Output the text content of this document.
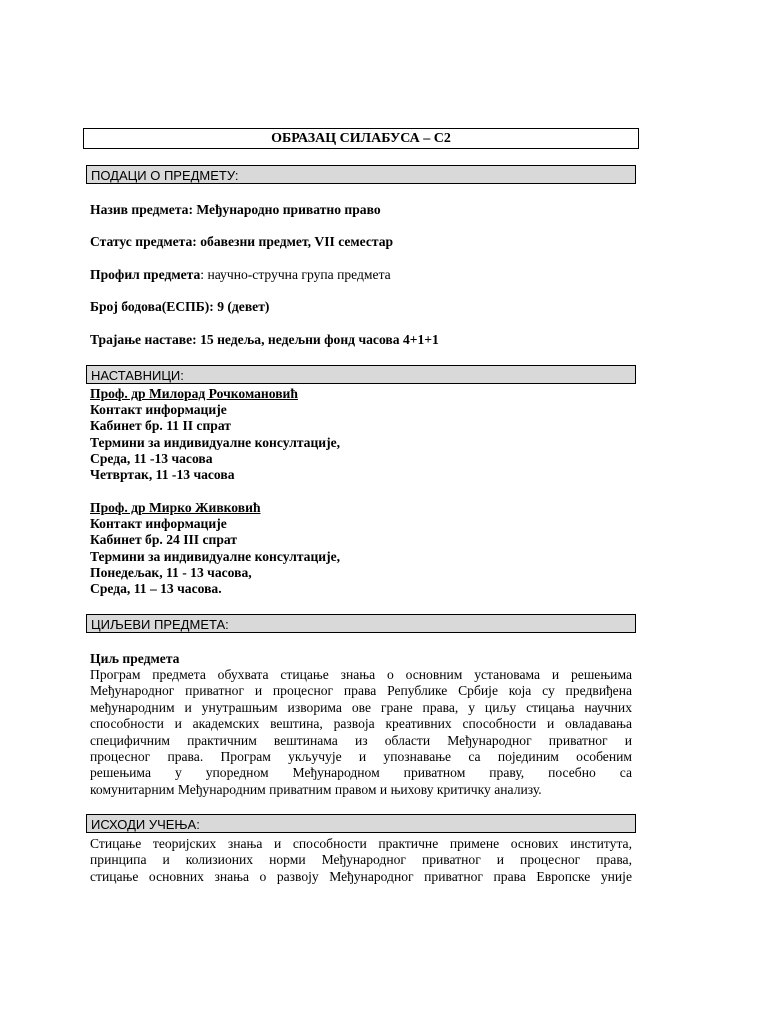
ОБРАЗАЦ СИЛАБУСА – С2
ПОДАЦИ О ПРЕДМЕТУ:
Назив предмета: Међународно приватно право
Статус предмета: обавезни предмет, VII семестар
Профил предмета: научно-стручна група предмета
Број бодова(ЕСПБ): 9 (девет)
Трајање наставе: 15 недеља, недељни фонд часова 4+1+1
НАСТАВНИЦИ:
Проф. др Милорад Рочкомановић
Контакт информације
Кабинет бр. 11 II спрат
Термини за индивидуалне консултације,
Среда, 11 -13 часова
Четвртак, 11 -13 часова
Проф. др Мирко Живковић
Контакт информације
Кабинет бр. 24 III спрат
Термини за индивидуалне консултације,
Понедељак, 11 - 13 часова,
Среда, 11 – 13 часова.
ЦИЉЕВИ ПРЕДМЕТА:
Циљ предмета
Програм предмета обухвата стицање знања о основним установама и решењима
Међународног приватног и процесног права Републике Србије која су предвиђена
међународним и унутрашњим изворима ове гране права, у циљу стицања научних
способности и академских вештина, развоја креативних способности и овладавања
специфичним практичним вештинама из области Међународног приватног и
процесног права. Програм укључује и упознавање са појединим особеним
решењима у упоредном Међународном приватном праву, посебно са
комунитарним Међународним приватним правом и њихову критичку анализу.
ИСХОДИ УЧЕЊА:
Стицање теоријских знања и способности практичне примене основих института,
принципа и колизионих норми Међународног приватног и процесног права,
стицање основних знања о развоју Међународног приватног права Европске уније
